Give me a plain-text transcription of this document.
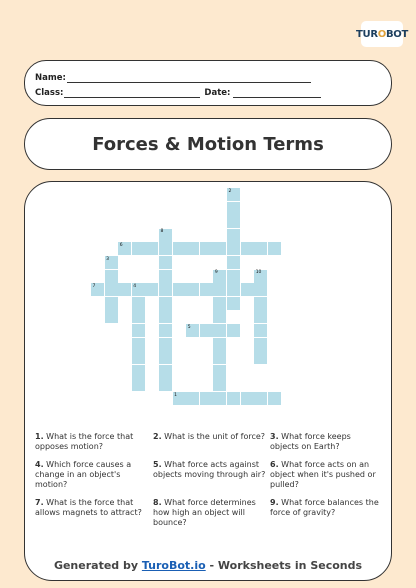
TUROBOT
Name:
Class:	Date:
Forces & Motion Terms
1
2
3
4
5
6
7
8
9	10
1. What is the force that opposes motion?
2. What is the unit of force? 3. What force keeps objects on Earth?
4. Which force causes a change in an object's motion?
5. What force acts against objects moving through air?
6. What force acts on an object when it's pushed or pulled?
7. What is the force that allows magnets to attract?
8. What force determines how high an object will bounce?
9. What force balances the force of gravity?
Generated by TuroBot.io - Worksheets in Seconds
